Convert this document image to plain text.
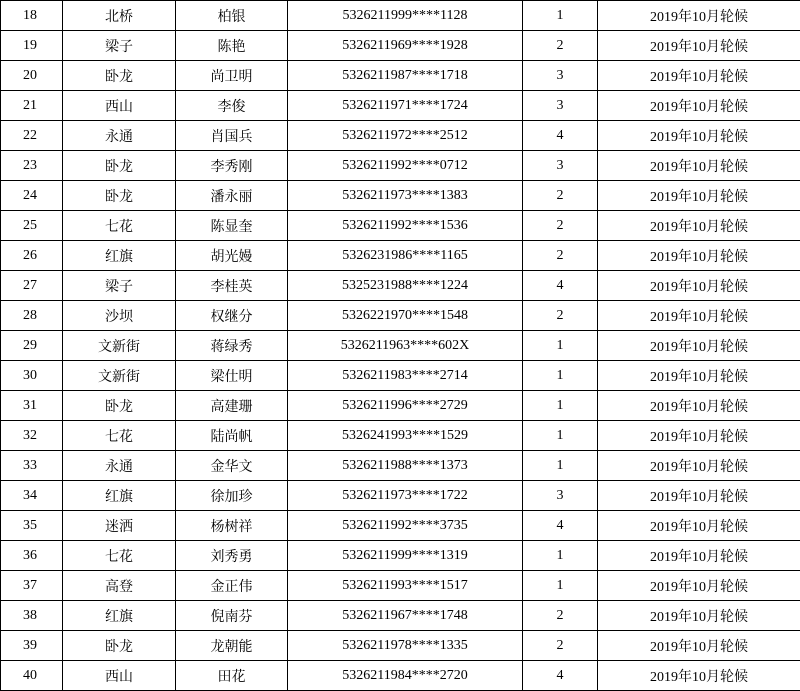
18	北桥	柏银	5326211999****1128	1	2019年10月轮候
19	梁子	陈艳	5326211969****1928	2	2019年10月轮候
20	卧龙	尚卫明	5326211987****1718	3	2019年10月轮候
21	西山	李俊	5326211971****1724	3	2019年10月轮候
22	永通	肖国兵	5326211972****2512	4	2019年10月轮候
23	卧龙	李秀刚	5326211992****0712	3	2019年10月轮候
24	卧龙	潘永丽	5326211973****1383	2	2019年10月轮候
25	七花	陈显奎	5326211992****1536	2	2019年10月轮候
26	红旗	胡光嫚	5326231986****1165	2	2019年10月轮候
27	梁子	李桂英	5325231988****1224	4	2019年10月轮候
28	沙坝	权继分	5326221970****1548	2	2019年10月轮候
29	文新街	蒋绿秀	5326211963****602X	1	2019年10月轮候
30	文新街	梁仕明	5326211983****2714	1	2019年10月轮候
31	卧龙	高建珊	5326211996****2729	1	2019年10月轮候
32	七花	陆尚帆	5326241993****1529	1	2019年10月轮候
33	永通	金华文	5326211988****1373	1	2019年10月轮候
34	红旗	徐加珍	5326211973****1722	3	2019年10月轮候
35	迷洒	杨树祥	5326211992****3735	4	2019年10月轮候
36	七花	刘秀勇	5326211999****1319	1	2019年10月轮候
37	高登	金正伟	5326211993****1517	1	2019年10月轮候
38	红旗	倪南芬	5326211967****1748	2	2019年10月轮候
39	卧龙	龙朝能	5326211978****1335	2	2019年10月轮候
40	西山	田花	5326211984****2720	4	2019年10月轮候
